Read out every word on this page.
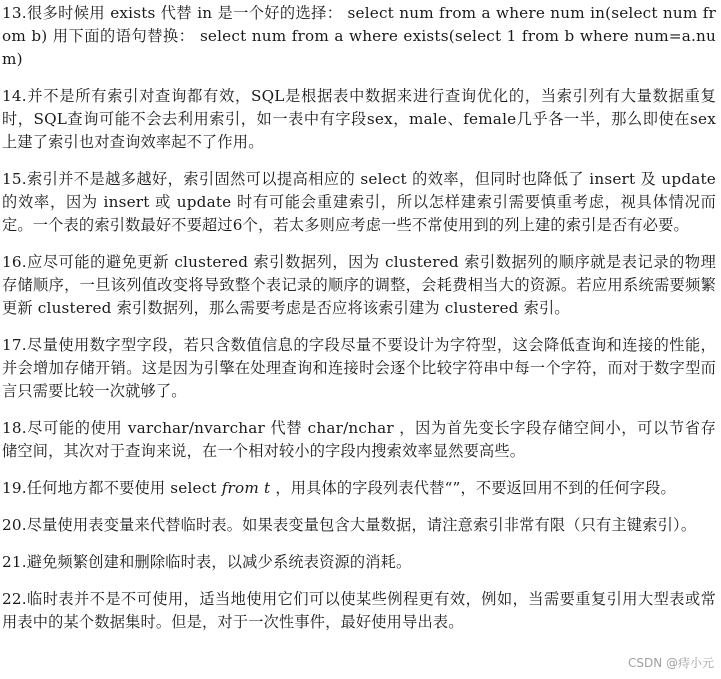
13.很多时候用 exists 代替 in 是一个好的选择： select num from a where num in(select num from b) 用下面的语句替换： select num from a where exists(select 1 from b where num=a.num)

14.并不是所有索引对查询都有效，SQL是根据表中数据来进行查询优化的，当索引列有大量数据重复时，SQL查询可能不会去利用索引，如一表中有字段sex，male、female几乎各一半，那么即使在sex上建了索引也对查询效率起不了作用。

15.索引并不是越多越好，索引固然可以提高相应的 select 的效率，但同时也降低了 insert 及 update 的效率，因为 insert 或 update 时有可能会重建索引，所以怎样建索引需要慎重考虑，视具体情况而定。一个表的索引数最好不要超过6个，若太多则应考虑一些不常使用到的列上建的索引是否有必要。

16.应尽可能的避免更新 clustered 索引数据列，因为 clustered 索引数据列的顺序就是表记录的物理存储顺序，一旦该列值改变将导致整个表记录的顺序的调整，会耗费相当大的资源。若应用系统需要频繁更新 clustered 索引数据列，那么需要考虑是否应将该索引建为 clustered 索引。

17.尽量使用数字型字段，若只含数值信息的字段尽量不要设计为字符型，这会降低查询和连接的性能，并会增加存储开销。这是因为引擎在处理查询和连接时会逐个比较字符串中每一个字符，而对于数字型而言只需要比较一次就够了。

18.尽可能的使用 varchar/nvarchar 代替 char/nchar ，因为首先变长字段存储空间小，可以节省存储空间，其次对于查询来说，在一个相对较小的字段内搜索效率显然要高些。

19.任何地方都不要使用 select from t ，用具体的字段列表代替“”，不要返回用不到的任何字段。

20.尽量使用表变量来代替临时表。如果表变量包含大量数据，请注意索引非常有限（只有主键索引）。

21.避免频繁创建和删除临时表，以减少系统表资源的消耗。

22.临时表并不是不可使用，适当地使用它们可以使某些例程更有效，例如，当需要重复引用大型表或常用表中的某个数据集时。但是，对于一次性事件，最好使用导出表。

CSDN @痔小元
